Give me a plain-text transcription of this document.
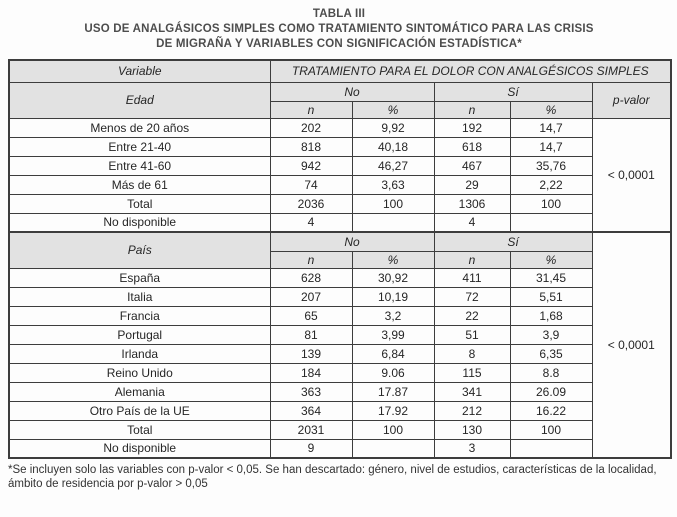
TABLA III
USO DE ANALGÁSICOS SIMPLES COMO TRATAMIENTO SINTOMÁTICO PARA LAS CRISIS
DE MIGRAÑA Y VARIABLES CON SIGNIFICACIÓN ESTADÍSTICA*
Variable	TRATAMIENTO PARA EL DOLOR CON ANALGÉSICOS SIMPLES				
Edad	No		Sí		p-valor
	n	%	n	%	
Menos de 20 años	202	9,92	192	14,7	< 0,0001
Entre 21-40	818	40,18	618	14,7	
Entre 41-60	942	46,27	467	35,76	
Más de 61	74	3,63	29	2,22	
Total	2036	100	1306	100	
No disponible	4		4		
País	No		Sí		< 0,0001
	n	%	n	%	
España	628	30,92	411	31,45	
Italia	207	10,19	72	5,51	
Francia	65	3,2	22	1,68	
Portugal	81	3,99	51	3,9	
Irlanda	139	6,84	8	6,35	
Reino Unido	184	9.06	115	8.8	
Alemania	363	17.87	341	26.09	
Otro País de la UE	364	17.92	212	16.22	
Total	2031	100	130	100	
No disponible	9		3		
*Se incluyen solo las variables con p-valor < 0,05. Se han descartado: género, nivel de estudios, características de la localidad, ámbito de residencia por p-valor > 0,05
